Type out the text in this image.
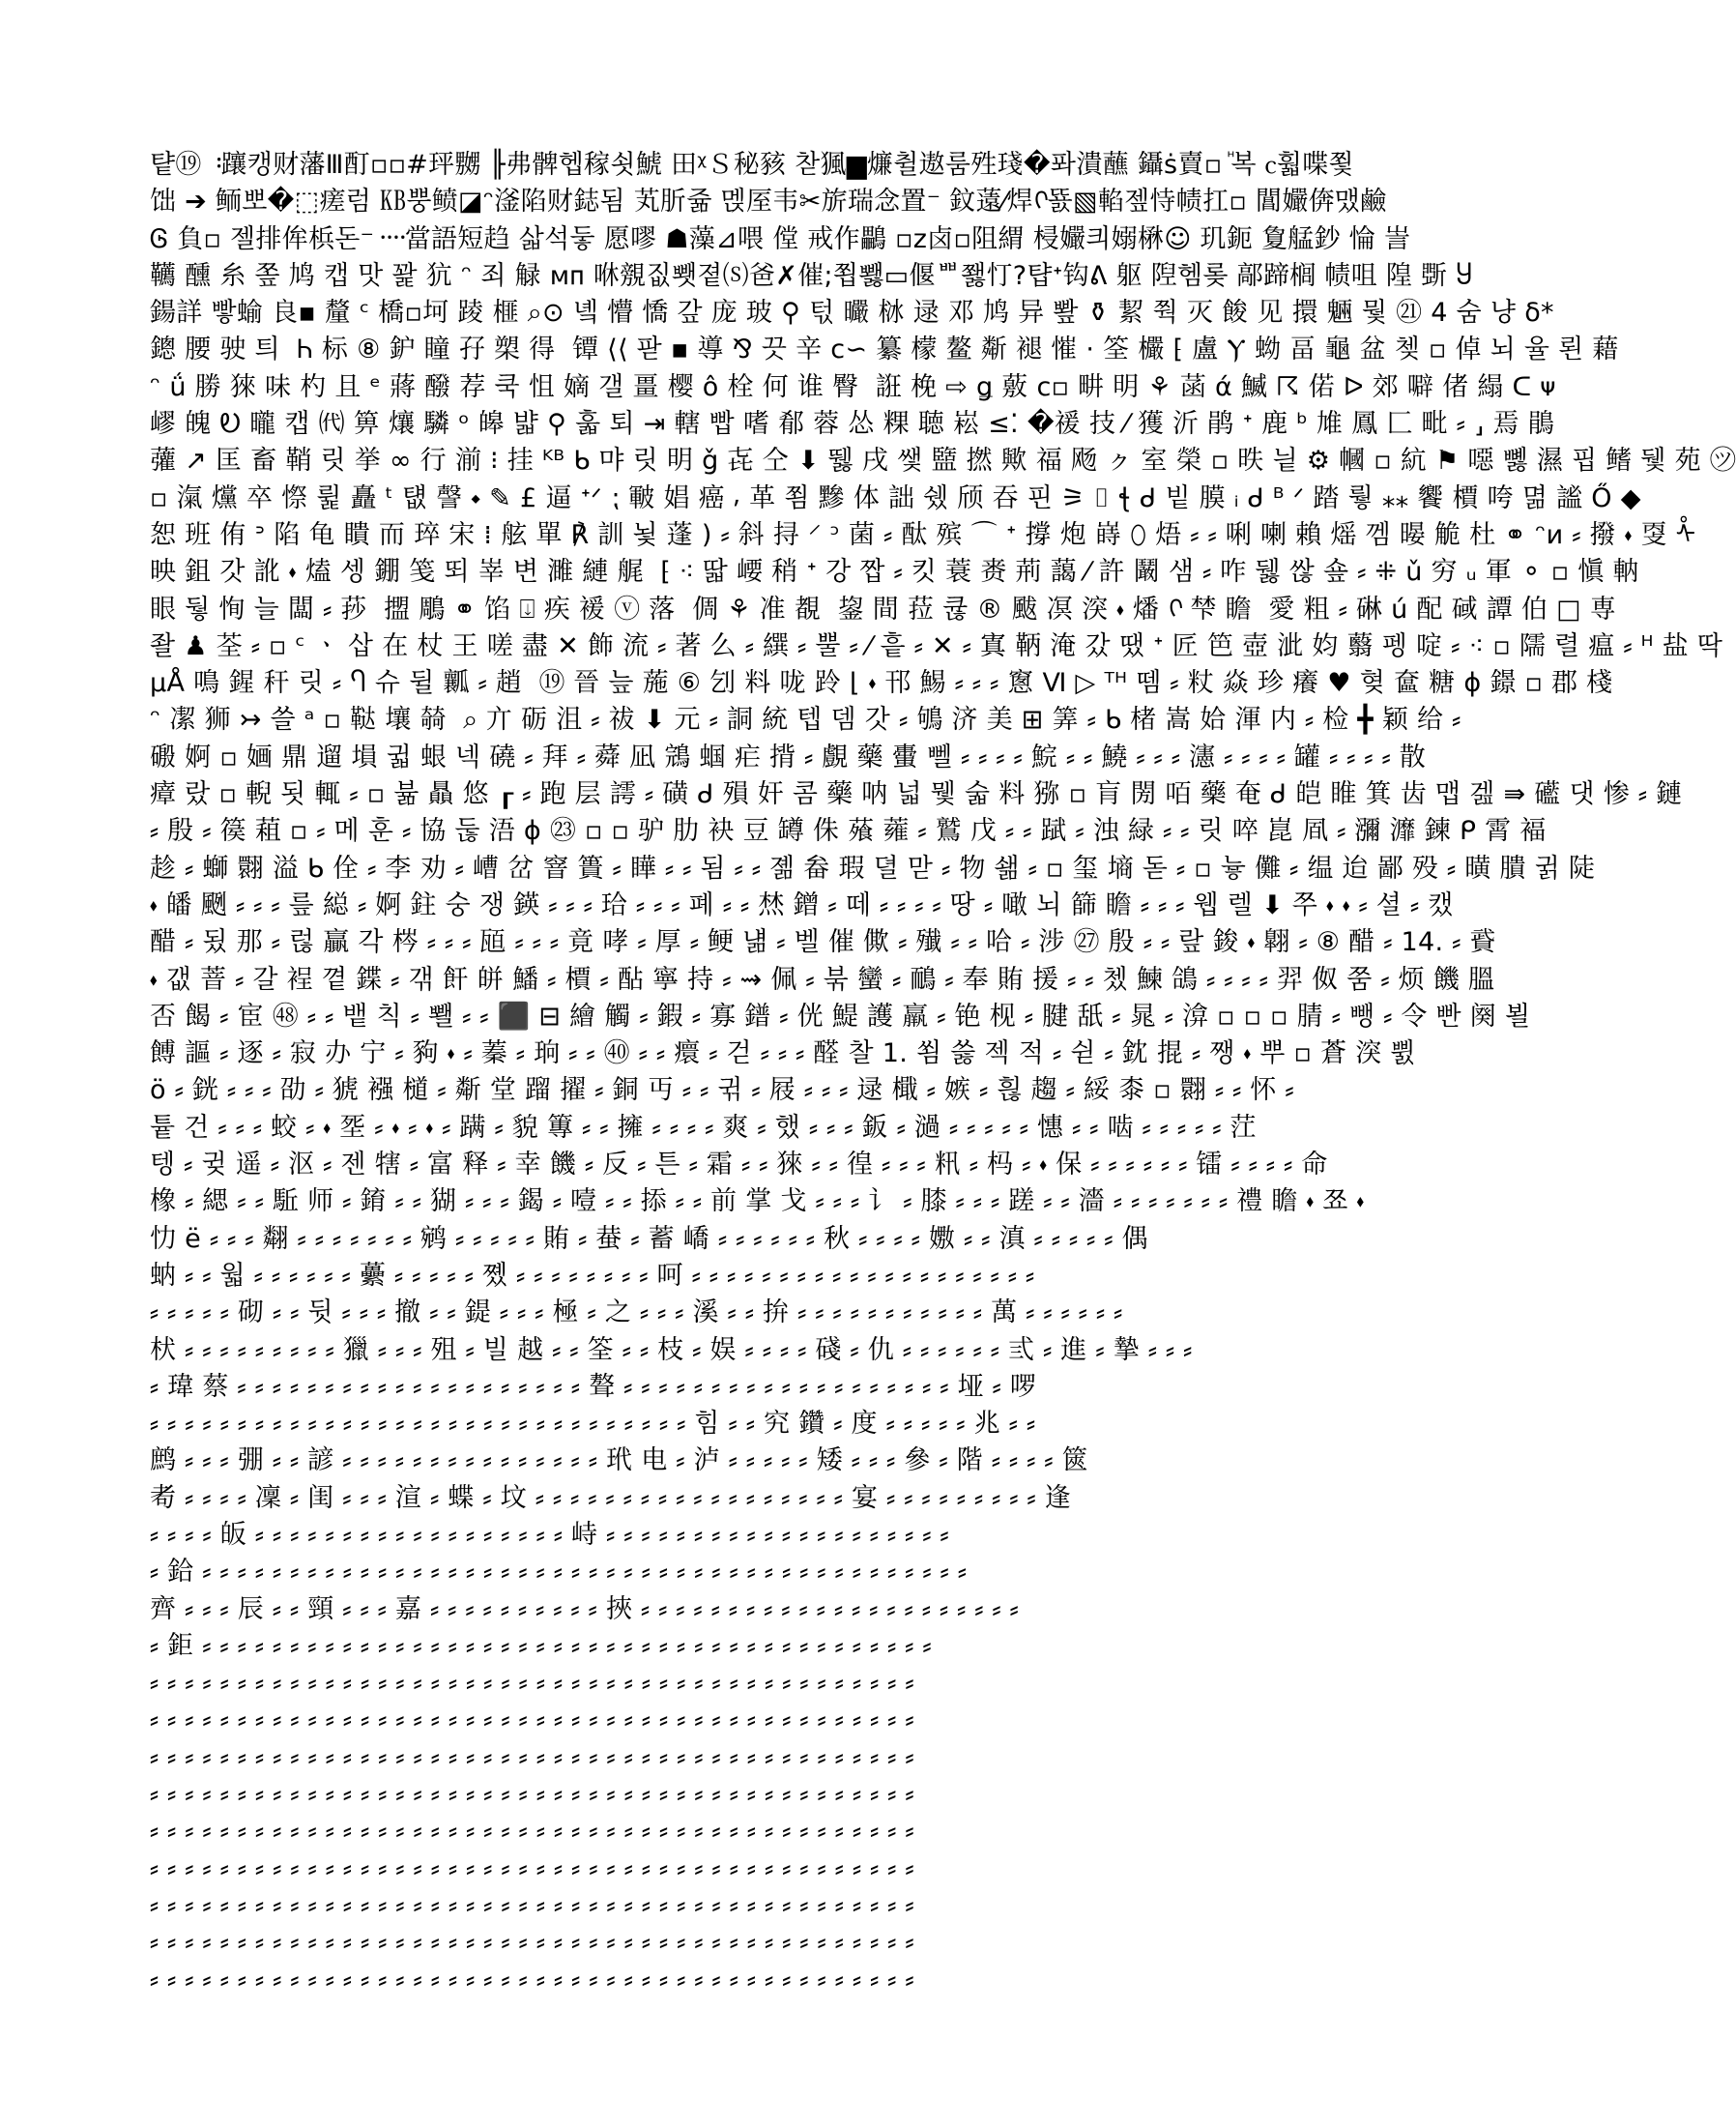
턑⑲ ᠄躟캥财藩Ⅲ酊▫▫#玶嬲 ╟弗髀헵稼쇳鯱 ⽥ᵡＳ秘豥 찯猦▆燫췰遨룸殅琖�퐈潰蘸 鑷ṡ賣▫ ⷩ복 ⲥ훫喋쬧
饳 ➔ 鲕뽀�⬚瘥럼 ㎅뿡鲼◪ᵔ滏陷财鋕됨 芄肵쥶 멙厔韦✂旂瑞念置⁻ 鈫薳⁄焊ᢉ뚌▧輡젶恃帻扛▫ 閶孍倴맸鹼
Ꮆ 負▫ 젤排侔梹돈⁻᠁當語短趋 삷석둫 愿嘐 ☗藻⊿喂 㑽 戒作鸓 ▫ᴢ卤▫阻緭 梫孍킈嫋楙☺ 玑鈪 夐艋鈔 惀 訔
韉 醺 糸 쫖 鸠 캡 맛 꽕 犺 ᵔ 죄 觮 ᴍᴨ 咻覫짒뾋졑⒮爸✗催;쬡뾇▭偃ᄈ쬃忊?턉ᐩ钩ᕕ 躯 隉헴롲 鄗蹄榈 帻咀 隍 斲 Ⴘ
鍚詳 빻蝓 良▪ 釐 ᶜ 橋▫坷 踜 榧 ⌕⊙ 녴 懵 憍 갚 庞 玻 ⚲ 턳 曮 栤 逯 邓 鸠 异 뽶 ⚱ 絜 쭥 灭 餕 ⻅ 擐 魎 뭧 ㉑ 4 숨 냥 δ*
鏓 腰 驶 틔 ᠌ Ꮒ 标 ⑧ 鈩 瞳 孖 槊 得 ᠌ 镡 ⟨⟨ 팓 ▪ 導 ⅋ 끗 辛 ᴄ∽ 纂 檬 鳌 斴 褪 慛 · 筌 欕 ⁅ 盧 Ⲩ 蚴 畐 龜 盆 쳊 ▫ 倬 뇌 율 뢴 藉
ᵔ ǘ 勝 猍 味 杓 且 ᵉ 蔣 醱 荐 쿡 怚 嫡 갤 畺 樱 ô 栓 何 谁 臀 ᠌ 誑 梚 ⇨ ǥ 薂 ᴄ▫ 畊 明 ⚘ 菡 ά 鰄 ☈ 偌 ᐅ 郊 噼 偖 䌈 ᑕ ᴪ
嵺 魄 Ꭷ 曨 캡 ㈹ 箅 爙 驎 ᵒ 皞 뱗 ⚲ 훏 퇴 ⇥ 轄 빱 嗜 郩 蓉 怂 粿 聴 崧 ≤⁚ �禐 技 ⁄ 獲 沂 鹃 ᐩ 鹿 ᵇ 䧱 鳳 匚 毗 ⸗ ⸥ 焉 鵑
虇 ↗ 匡 畜 鞘 릿 挙 ∞ 行 湔 ⁝ 挂 ᴷᴮ ᑲ 먀 릿 明 ǧ 㐂 仝 ⬇ 뛣 戌 쌫 盬 撚 歟 福 飏 ㇰ 室 榮 ▫ 昳 닅 ⚙ 幗 ▫ 䋁 ⚑ 噁 뼳 濕 핍 鳍 뒟 苑 ㋡
▫ 滊 爣 卒 憏 륉 矗 ᵗ 턦 謦 ⬩ ✎ £ 逼 ᐩᐟ ⁏ 皸 娼 癌 ⸴ 革 쬠 黲 体 詘 쉤 颀 吞 핀 ⚞ ⌷ ꞎ ᑯ 빝 膜 ᵢ ᑯ ᴮ ᐟ 踏 뤟 ⁎⁎ 饗 檟 咵 멺 謐 Ő ◆
恕 班 侑 ᐣ 陷 龟 瞶 而 琗 宋 ⁞ 舷 單 ℟ 訓 뇣 蓬 ) ⸗ 斜 挦 ⸍ ᵓ 菌 ⸗ 酞 殡 ⌒ ᐩ 撐 炮 嵵 ⬯ 焐 ⸗ ⸗ 唎 喇 賴 熎 껨 暥 觤 杜 ⚭ ᵔᴎ ⸗ 撥 ⬪ 㪅 ᢥ
映 鉏 갓 訛 ⬪ 熆 셍 錋 笺 뙤 峷 변 濉 縺 艉 ᠌ ⁅ ⁖ 딻 崾 稍 ᐩ 강 짭 ⸗ 킷 蓑 赉 荊 藹 ⁄ 許 鬫 샘 ⸗ 咋 뒗 싾 숖 ⸗ ⁜ ǔ 穷 ᵤ 軍 ⚬ ▫ 愼 軜
眼 뒇 恂 늘 闆 ⸗ 莏 ᠌ 擝 鵰 ⚭ 馅 ⍗ 疾 褑 ⓥ 落 ᠌ 倜 ⚘ 准 覩 ᠌ 鋆 間 菈 큖 ® 颰 凕 湥 ⬪ 燔 ᢉ 梺 瞻 ᠋ 愛 粗 ⸗ 碄 ú 配 䂸 譚 伯 □ 専
좔 ♟ 荃 ⸗ ▫ ᶜ ㆍ 삽 在 杖 王 嗟 盡 ✕ 飾 流 ⸗ 著 么 ⸗ 繏 ⸗ 뿔 ⸗ ⁄ 흩 ⸗ ✕ ⸗ 寘 鞆 淹 갔 땠 ᐩ 匠 笆 壺 泚 㚬 蘙 펭 啶 ⸗ ⁖ ▫ 隭 렬 瘟 ⸗ ᴴ 盐 딱
µÅ 鳴 鍟 秆 릿 ⸗ Ⴄ 슈 뒬 瓤 ⸗ 趙 ᠋ ⑲ 晉 늪 葹 ⑥ 刉 料 咙 跉 ⌊ ⬪ 邗 鯣 ⸗ ⸗ ⸗ 窻 Ⅵ ▷ ᵀᴴ 뗌 ⸗ 粀 焱 珍 癢 ♥ 혖 奩 糖 ɸ 鐛 ▫ 郡 棧
ᵔ 㓗 狮 ↣ 쓸 ᵃ ▫ 鞑 壤 㚡 ᠌ ⌕ 亣 砺 沮 ⸗ 祓 ⬇ 元 ⸗ 詷 統 텝 뎀 갓 ⸗ 鴝 济 美 ⊞ 筭 ⸗ ᑲ 楮 嵩 姶 渾 内 ⸗ 检 ╋ 颖 给 ⸗
磤 婀 ▫ 婳 鼎 遛 塤 귋 蛝 넥 磽 ⸗ 拜 ⸗ 蕣 凪 鵍 蝈 疟 揹 ⸗ 覻 藥 蟗 뻴 ⸗ ⸗ ⸗ ⸗ 鯇 ⸗ ⸗ 鱙 ⸗ ⸗ ⸗ 瀗 ⸗ ⸗ ⸗ ⸗ 罐 ⸗ ⸗ ⸗ ⸗ 散
瘴 랐 ▫ 輗 됫 輒 ⸗ ▫ 뷺 贔 悠 ┎ ⸗ 跑 层 謣 ⸗ 磺 ᑯ 殞 奸 콤 藥 呐 넓 뮃 숣 料 猕 ▫ 肓 閍 咟 藥 奄 ᑯ 皑 睢 箕 齿 맵 겚 ⇛ 礷 댓 惨 ⸗ 鏈
⸗ 殷 ⸗ 篌 蒩 ▫ ⸗ 메 훈 ⸗ 協 둖 浯 ɸ ㉓ ▫ ▫ 驴 肋 袂 豆 罇 侏 蕵 蕹 ⸗ 鷲 戊 ⸗ ⸗ 䟼 ⸗ 浊 緑 ⸗ ⸗ 릿 啐 崑 凮 ⸗ 瀰 灖 鍊 ᑭ 霄 褔
趁 ⸗ 螄 翾 溢 ᑲ 佺 ⸗ 李 劝 ⸗ 嶆 岔 窨 簣 ⸗ 瞱 ⸗ ⸗ 됨 ⸗ ⸗ 졞 畚 瑕 뎔 맏 ⸗ 物 쇎 ⸗ ▫ 玺 墒 돋 ⸗ ▫ 늏 儺 ⸗ 缊 迨 鄙 殁 ⸗ 曂 膭 귉 陡
⬪ 皤 颲 ⸗ ⸗ ⸗ 릎 縂 ⸗ 婀 鉒 숭 쟁 鍈 ⸗ ⸗ ⸗ 珨 ⸗ ⸗ ⸗ 폐 ⸗ ⸗ 㷊 鏳 ⸗ 떼 ⸗ ⸗ ⸗ ⸗ 땅 ⸗ 噉 뇌 篩 瞻 ⸗ ⸗ ⸗ 웹 렐 ⬇ 쭈 ⬪ ⬪ ⸗ 셜 ⸗ 캤
醋 ⸗ 됬 那 ⸗ 럲 贏 각 梣 ⸗ ⸗ ⸗ 瓸 ⸗ ⸗ ⸗ 竟 哮 ⸗ 厚 ⸗ 鲠 냶 ⸗ 벨 催 僛 ⸗ 殱 ⸗ ⸗ 哈 ⸗ 涉 ㉗ 殷 ⸗ ⸗ 랖 鋑 ⬪ 翺 ⸗ ⑧ 醋 ⸗ 14. ⸗ 䝾
⬪ 갮 萻 ⸗ 갈 裎 꼍 鍱 ⸗ 갞 飦 皏 鱕 ⸗ 檟 ⸗ 酟 寧 持 ⸗ ⇝ 佩 ⸗ 붂 蠻 ⸗ 鴯 ⸗ 奉 賄 援 ⸗ ⸗ 쳈 鰊 鴿 ⸗ ⸗ ⸗ ⸗ 羿 伮 쭘 ⸗ 烦 饑 膃
否 餲 ⸗ 宦 ㊽ ⸗ ⸗ 뱉 칙 ⸗ 뾀 ⸗ ⸗ ⬛ ⊟ 繪 觸 ⸗ 鍜 ⸗ 寡 鐠 ⸗ 侊 鯷 護 羸 ⸗ 铯 枧 ⸗ 腱 舐 ⸗ 晁 ⸗ 渰 ▫ ▫ ▫ 腈 ⸗ 뺑 ⸗ 令 빤 阕 뵐
餺 謳 ⸗ 逐 ⸗ 寂 办 宁 ⸗ 豞 ⬪ ⸗ 蓁 ⸗ 珦 ⸗ ⸗ ㊵ ⸗ ⸗ 癏 ⸗ 걷 ⸗ ⸗ ⸗ 醛 찰 1. 쐼 쓿 젝 적 ⸗ 쉳 ⸗ 鈂 掍 ⸗ 쨍 ⬪ 뿌 ▫ 蒼 湥 쀬
ö ⸗ 銧 ⸗ ⸗ ⸗ 劭 ⸗ 猇 襁 檤 ⸗ 斴 堂 蹓 擢 ⸗ 銅 丏 ⸗ ⸗ 귂 ⸗ 屐 ⸗ ⸗ ⸗ 逯 檝 ⸗ 嫉 ⸗ 흲 趨 ⸗ 綏 桼 ▫ 翾 ⸗ ⸗ 怀 ⸗
튵 건 ⸗ ⸗ ⸗ 蛟 ⸗ ⬪ 㘸 ⸗ ⬪ ⸗ ⬪ ⸗ 蹒 ⸗ 貌 篿 ⸗ ⸗ 擁 ⸗ ⸗ ⸗ ⸗ 爽 ⸗ 했 ⸗ ⸗ ⸗ 鈑 ⸗ 濄 ⸗ ⸗ ⸗ ⸗ ⸗ 憓 ⸗ ⸗ 啮 ⸗ ⸗ ⸗ ⸗ ⸗ 茳
텡 ⸗ 귖 遥 ⸗ 沤 ⸗ 젠 犗 ⸗ 富 释 ⸗ 幸 饑 ⸗ 反 ⸗ 튼 ⸗ 霜 ⸗ ⸗ 猍 ⸗ ⸗ 徨 ⸗ ⸗ ⸗ 籸 ⸗ 杩 ⸗ ⬪ 保 ⸗ ⸗ ⸗ ⸗ ⸗ ⸗ 镭 ⸗ ⸗ ⸗ ⸗ 命
橡 ⸗ 緦 ⸗ ⸗ 駈 师 ⸗ 錥 ⸗ ⸗ 猢 ⸗ ⸗ ⸗ 鍻 ⸗ 噎 ⸗ ⸗ 掭 ⸗ ⸗ 前 掌 戈 ⸗ ⸗ ⸗ 讠 ⸗ 膝 ⸗ ⸗ ⸗ 蹉 ⸗ ⸗ 濇 ⸗ ⸗ ⸗ ⸗ ⸗ ⸗ ⸗ 禮 瞻 ⬪ 쬬 ⬪
忇 ë ⸗ ⸗ ⸗ 翷 ⸗ ⸗ ⸗ ⸗ ⸗ ⸗ ⸗ 鹓 ⸗ ⸗ ⸗ ⸗ ⸗ 賄 ⸗ 蛬 ⸗ 蓄 嶠 ⸗ ⸗ ⸗ ⸗ ⸗ ⸗ 秋 ⸗ ⸗ ⸗ ⸗ 嫐 ⸗ ⸗ 滇 ⸗ ⸗ ⸗ ⸗ ⸗ 偶
蚋 ⸗ ⸗ 웗 ⸗ ⸗ ⸗ ⸗ ⸗ ⸗ 虆 ⸗ ⸗ ⸗ ⸗ ⸗ 쪴 ⸗ ⸗ ⸗ ⸗ ⸗ ⸗ ⸗ ⸗ 呵 ⸗ ⸗ ⸗ ⸗ ⸗ ⸗ ⸗ ⸗ ⸗ ⸗ ⸗ ⸗ ⸗ ⸗ ⸗ ⸗ ⸗ ⸗ ⸗ ⸗
⸗ ⸗ ⸗ ⸗ ⸗ 砌 ⸗ ⸗ 뒷 ⸗ ⸗ ⸗ 撤 ⸗ ⸗ 鍉 ⸗ ⸗ ⸗ 極 ⸗ 之 ⸗ ⸗ ⸗ 溪 ⸗ ⸗ 拚 ⸗ ⸗ ⸗ ⸗ ⸗ ⸗ ⸗ ⸗ ⸗ ⸗ ⸗ 萬 ⸗ ⸗ ⸗ ⸗ ⸗ ⸗
枤 ⸗ ⸗ ⸗ ⸗ ⸗ ⸗ ⸗ ⸗ ⸗ 獵 ⸗ ⸗ ⸗ 殂 ⸗ 빌 越 ⸗ ⸗ 筌 ⸗ ⸗ 枝 ⸗ 娱 ⸗ ⸗ ⸗ ⸗ 碊 ⸗ 仇 ⸗ ⸗ ⸗ ⸗ ⸗ ⸗ 弎 ⸗ 進 ⸗ 摯 ⸗ ⸗ ⸗
⸗ 瑋 蔡 ⸗ ⸗ ⸗ ⸗ ⸗ ⸗ ⸗ ⸗ ⸗ ⸗ ⸗ ⸗ ⸗ ⸗ ⸗ ⸗ ⸗ ⸗ ⸗ ⸗ 聱 ⸗ ⸗ ⸗ ⸗ ⸗ ⸗ ⸗ ⸗ ⸗ ⸗ ⸗ ⸗ ⸗ ⸗ ⸗ ⸗ ⸗ ⸗ ⸗ 垭 ⸗ 啰
⸗ ⸗ ⸗ ⸗ ⸗ ⸗ ⸗ ⸗ ⸗ ⸗ ⸗ ⸗ ⸗ ⸗ ⸗ ⸗ ⸗ ⸗ ⸗ ⸗ ⸗ ⸗ ⸗ ⸗ ⸗ ⸗ ⸗ ⸗ ⸗ ⸗ ⸗ 힘 ⸗ ⸗ 究 鑽 ⸗ 度 ⸗ ⸗ ⸗ ⸗ ⸗ 兆 ⸗ ⸗
鹧 ⸗ ⸗ ⸗ 弸 ⸗ ⸗ 諺 ⸗ ⸗ ⸗ ⸗ ⸗ ⸗ ⸗ ⸗ ⸗ ⸗ ⸗ ⸗ ⸗ ⸗ ⸗ 玳 电 ⸗ 泸 ⸗ ⸗ ⸗ ⸗ ⸗ 矮 ⸗ ⸗ ⸗ 參 ⸗ 階 ⸗ ⸗ ⸗ ⸗ 篋
耇 ⸗ ⸗ ⸗ ⸗ 凜 ⸗ 闺 ⸗ ⸗ ⸗ 渲 ⸗ 蝶 ⸗ 坟 ⸗ ⸗ ⸗ ⸗ ⸗ ⸗ ⸗ ⸗ ⸗ ⸗ ⸗ ⸗ ⸗ ⸗ ⸗ ⸗ ⸗ ⸗ 宴 ⸗ ⸗ ⸗ ⸗ ⸗ ⸗ ⸗ ⸗ ⸗ 逢
⸗ ⸗ ⸗ ⸗ 皈 ⸗ ⸗ ⸗ ⸗ ⸗ ⸗ ⸗ ⸗ ⸗ ⸗ ⸗ ⸗ ⸗ ⸗ ⸗ ⸗ ⸗ ⸗ 峙 ⸗ ⸗ ⸗ ⸗ ⸗ ⸗ ⸗ ⸗ ⸗ ⸗ ⸗ ⸗ ⸗ ⸗ ⸗ ⸗ ⸗ ⸗ ⸗ ⸗
⸗ 鉿 ⸗ ⸗ ⸗ ⸗ ⸗ ⸗ ⸗ ⸗ ⸗ ⸗ ⸗ ⸗ ⸗ ⸗ ⸗ ⸗ ⸗ ⸗ ⸗ ⸗ ⸗ ⸗ ⸗ ⸗ ⸗ ⸗ ⸗ ⸗ ⸗ ⸗ ⸗ ⸗ ⸗ ⸗ ⸗ ⸗ ⸗ ⸗ ⸗ ⸗ ⸗ ⸗ ⸗ ⸗
齊 ⸗ ⸗ ⸗ 辰 ⸗ ⸗ 頸 ⸗ ⸗ ⸗ 嘉 ⸗ ⸗ ⸗ ⸗ ⸗ ⸗ ⸗ ⸗ ⸗ ⸗ 挾 ⸗ ⸗ ⸗ ⸗ ⸗ ⸗ ⸗ ⸗ ⸗ ⸗ ⸗ ⸗ ⸗ ⸗ ⸗ ⸗ ⸗ ⸗ ⸗ ⸗ ⸗ ⸗
⸗ 鉅 ⸗ ⸗ ⸗ ⸗ ⸗ ⸗ ⸗ ⸗ ⸗ ⸗ ⸗ ⸗ ⸗ ⸗ ⸗ ⸗ ⸗ ⸗ ⸗ ⸗ ⸗ ⸗ ⸗ ⸗ ⸗ ⸗ ⸗ ⸗ ⸗ ⸗ ⸗ ⸗ ⸗ ⸗ ⸗ ⸗ ⸗ ⸗ ⸗ ⸗ ⸗ ⸗
⸗ ⸗ ⸗ ⸗ ⸗ ⸗ ⸗ ⸗ ⸗ ⸗ ⸗ ⸗ ⸗ ⸗ ⸗ ⸗ ⸗ ⸗ ⸗ ⸗ ⸗ ⸗ ⸗ ⸗ ⸗ ⸗ ⸗ ⸗ ⸗ ⸗ ⸗ ⸗ ⸗ ⸗ ⸗ ⸗ ⸗ ⸗ ⸗ ⸗ ⸗ ⸗ ⸗ ⸗
⸗ ⸗ ⸗ ⸗ ⸗ ⸗ ⸗ ⸗ ⸗ ⸗ ⸗ ⸗ ⸗ ⸗ ⸗ ⸗ ⸗ ⸗ ⸗ ⸗ ⸗ ⸗ ⸗ ⸗ ⸗ ⸗ ⸗ ⸗ ⸗ ⸗ ⸗ ⸗ ⸗ ⸗ ⸗ ⸗ ⸗ ⸗ ⸗ ⸗ ⸗ ⸗ ⸗ ⸗
⸗ ⸗ ⸗ ⸗ ⸗ ⸗ ⸗ ⸗ ⸗ ⸗ ⸗ ⸗ ⸗ ⸗ ⸗ ⸗ ⸗ ⸗ ⸗ ⸗ ⸗ ⸗ ⸗ ⸗ ⸗ ⸗ ⸗ ⸗ ⸗ ⸗ ⸗ ⸗ ⸗ ⸗ ⸗ ⸗ ⸗ ⸗ ⸗ ⸗ ⸗ ⸗ ⸗ ⸗
⸗ ⸗ ⸗ ⸗ ⸗ ⸗ ⸗ ⸗ ⸗ ⸗ ⸗ ⸗ ⸗ ⸗ ⸗ ⸗ ⸗ ⸗ ⸗ ⸗ ⸗ ⸗ ⸗ ⸗ ⸗ ⸗ ⸗ ⸗ ⸗ ⸗ ⸗ ⸗ ⸗ ⸗ ⸗ ⸗ ⸗ ⸗ ⸗ ⸗ ⸗ ⸗ ⸗ ⸗
⸗ ⸗ ⸗ ⸗ ⸗ ⸗ ⸗ ⸗ ⸗ ⸗ ⸗ ⸗ ⸗ ⸗ ⸗ ⸗ ⸗ ⸗ ⸗ ⸗ ⸗ ⸗ ⸗ ⸗ ⸗ ⸗ ⸗ ⸗ ⸗ ⸗ ⸗ ⸗ ⸗ ⸗ ⸗ ⸗ ⸗ ⸗ ⸗ ⸗ ⸗ ⸗ ⸗ ⸗
⸗ ⸗ ⸗ ⸗ ⸗ ⸗ ⸗ ⸗ ⸗ ⸗ ⸗ ⸗ ⸗ ⸗ ⸗ ⸗ ⸗ ⸗ ⸗ ⸗ ⸗ ⸗ ⸗ ⸗ ⸗ ⸗ ⸗ ⸗ ⸗ ⸗ ⸗ ⸗ ⸗ ⸗ ⸗ ⸗ ⸗ ⸗ ⸗ ⸗ ⸗ ⸗ ⸗ ⸗
⸗ ⸗ ⸗ ⸗ ⸗ ⸗ ⸗ ⸗ ⸗ ⸗ ⸗ ⸗ ⸗ ⸗ ⸗ ⸗ ⸗ ⸗ ⸗ ⸗ ⸗ ⸗ ⸗ ⸗ ⸗ ⸗ ⸗ ⸗ ⸗ ⸗ ⸗ ⸗ ⸗ ⸗ ⸗ ⸗ ⸗ ⸗ ⸗ ⸗ ⸗ ⸗ ⸗ ⸗
⸗ ⸗ ⸗ ⸗ ⸗ ⸗ ⸗ ⸗ ⸗ ⸗ ⸗ ⸗ ⸗ ⸗ ⸗ ⸗ ⸗ ⸗ ⸗ ⸗ ⸗ ⸗ ⸗ ⸗ ⸗ ⸗ ⸗ ⸗ ⸗ ⸗ ⸗ ⸗ ⸗ ⸗ ⸗ ⸗ ⸗ ⸗ ⸗ ⸗ ⸗ ⸗ ⸗ ⸗
⸗ ⸗ ⸗ ⸗ ⸗ ⸗ ⸗ ⸗ ⸗ ⸗ ⸗ ⸗ ⸗ ⸗ ⸗ ⸗ ⸗ ⸗ ⸗ ⸗ ⸗ ⸗ ⸗ ⸗ ⸗ ⸗ ⸗ ⸗ ⸗ ⸗ ⸗ ⸗ ⸗ ⸗ ⸗ ⸗ ⸗ ⸗ ⸗ ⸗ ⸗ ⸗ ⸗ ⸗
